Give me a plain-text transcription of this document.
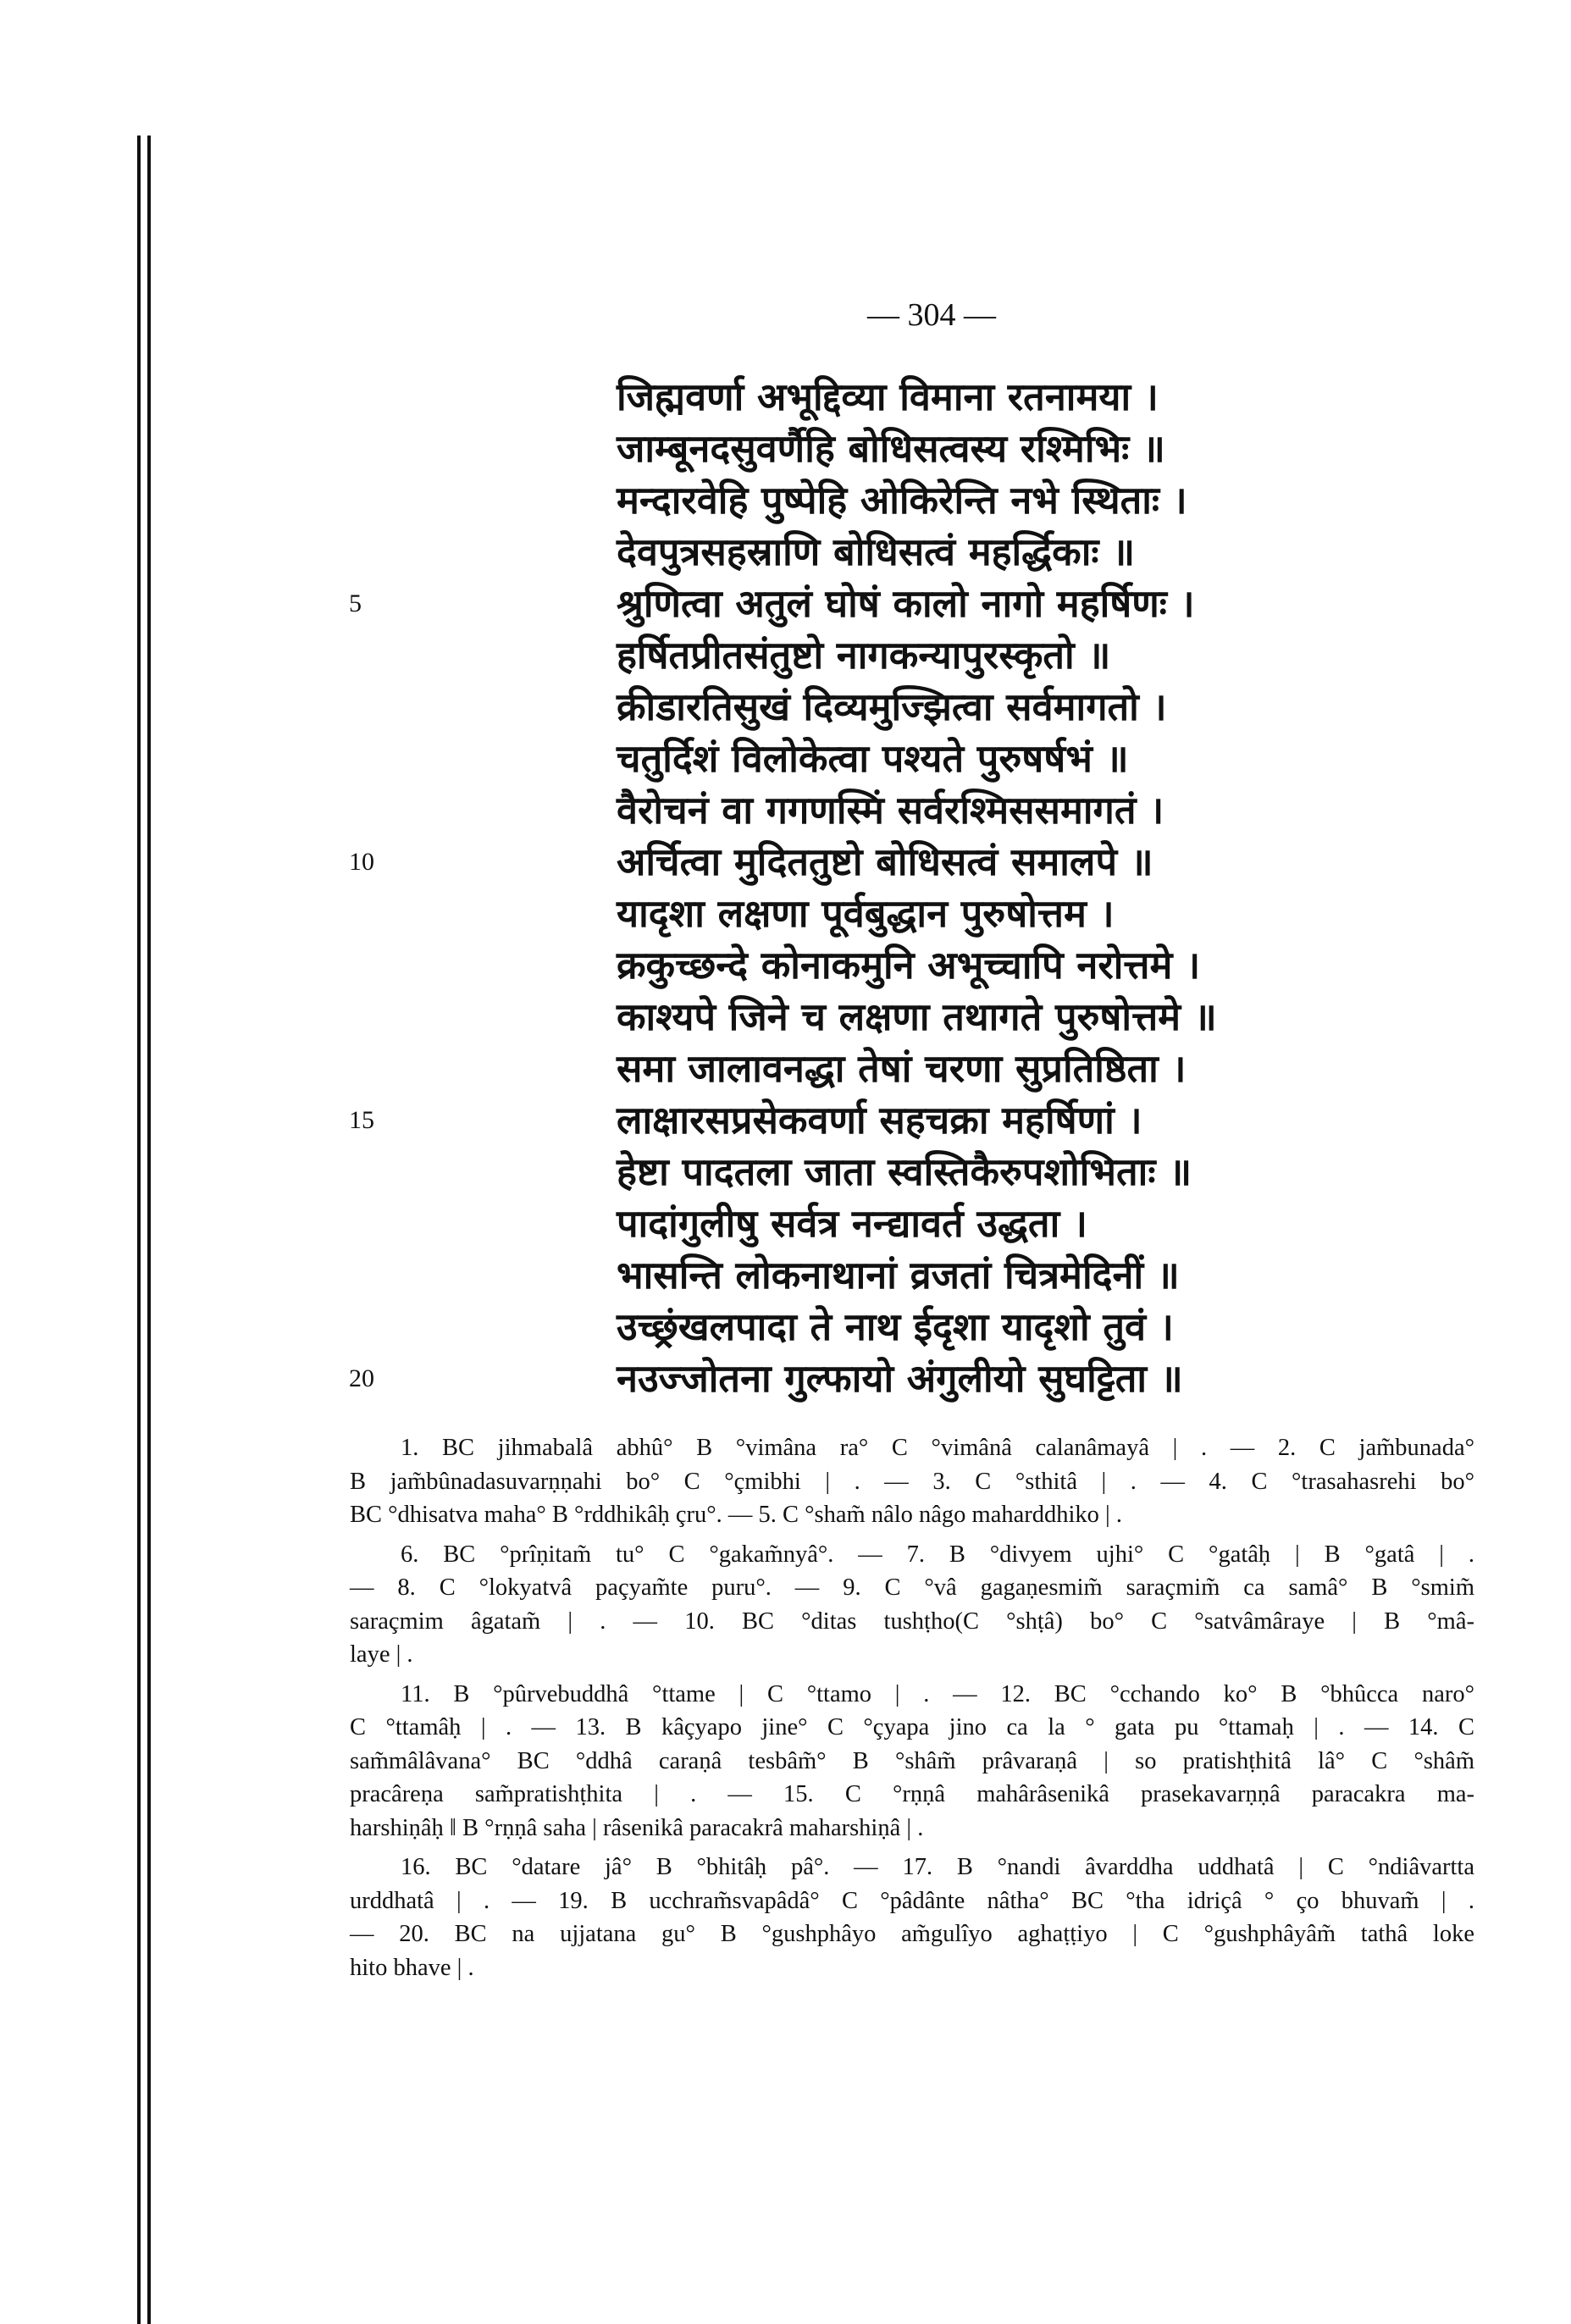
— 304 —
जिह्मवर्णा अभूद्दिव्या विमाना रतनामया ।
जाम्बूनदसुवर्णैहि बोधिसत्वस्य रश्मिभिः ॥
मन्दारवेहि पुष्पेहि ओकिरेन्ति नभे स्थिताः ।
देवपुत्रसहस्राणि बोधिसत्वं महर्द्धिकाः ॥
श्रुणित्वा अतुलं घोषं कालो नागो महर्षिणः ।
हर्षितप्रीतसंतुष्टो नागकन्यापुरस्कृतो ॥
क्रीडारतिसुखं दिव्यमुज्झित्वा सर्वमागतो ।
चतुर्दिशं विलोकेत्वा पश्यते पुरुषर्षभं ॥
वैरोचनं वा गगणस्मिं सर्वरश्मिससमागतं ।
अर्चित्वा मुदिततुष्टो बोधिसत्वं समालपे ॥
यादृशा लक्षणा पूर्वबुद्धान पुरुषोत्तम ।
क्रकुच्छन्दे कोनाकमुनि अभूच्चापि नरोत्तमे ।
काश्यपे जिने च लक्षणा तथागते पुरुषोत्तमे ॥
समा जालावनद्धा तेषां चरणा सुप्रतिष्ठिता ।
लाक्षारसप्रसेकवर्णा सहचक्रा महर्षिणां ।
हेष्टा पादतला जाता स्वस्तिकैरुपशोभिताः ॥
पादांगुलीषु सर्वत्र नन्द्यावर्त उद्धता ।
भासन्ति लोकनाथानां व्रजतां चित्रमेदिनीं ॥
उच्छ्रंखलपादा ते नाथ ईदृशा यादृशो तुवं ।
नउज्जोतना गुल्फायो अंगुलीयो सुघट्टिता ॥
5
10
15
20
1. BC jihmabalâ abhû° B °vimâna ra° C °vimânâ calanâmayâ | . — 2. C jam̃bunada°
B jam̃bûnadasuvarṇṇahi bo° C °çmibhi | . — 3. C °sthitâ | . — 4. C °trasahasrehi bo°
BC °dhisatva maha° B °rddhikâḥ çru°. — 5. C °sham̃ nâlo nâgo maharddhiko | .
6. BC °prîṇitam̃ tu° C °gakam̃nyâ°. — 7. B °divyem ujhi° C °gatâḥ | B °gatâ | .
— 8. C °lokyatvâ paçyam̃te puru°. — 9. C °vâ gagaṇesmim̃ saraçmim̃ ca samâ° B °smim̃
saraçmim âgatam̃ | . — 10. BC °ditas tushṭho(C °shṭâ) bo° C °satvâmâraye | B °mâ-
laye | .
11. B °pûrvebuddhâ °ttame | C °ttamo | . — 12. BC °cchando ko° B °bhûcca naro°
C °ttamâḥ | . — 13. B kâçyapo jine° C °çyapa jino ca la ° gata pu °ttamaḥ | . — 14. C
sam̃mâlâvana° BC °ddhâ caraṇâ tesbâm̃° B °shâm̃ prâvaraṇâ | so pratishṭhitâ lâ° C °shâm̃
pracâreṇa sam̃pratishṭhita | . — 15. C °rṇṇâ mahârâsenikâ prasekavarṇṇâ paracakra ma-
harshiṇâḥ ‖ B °rṇṇâ saha | râsenikâ paracakrâ maharshiṇâ | .
16. BC °datare jâ° B °bhitâḥ pâ°. — 17. B °nandi âvarddha uddhatâ | C °ndiâvartta
urddhatâ | . — 19. B ucchram̃svapâdâ° C °pâdânte nâtha° BC °tha idriçâ ° ço bhuvam̃ | .
— 20. BC na ujjatana gu° B °gushphâyo am̃gulîyo aghaṭṭiyo | C °gushphâyâm̃ tathâ loke
hito bhave | .
